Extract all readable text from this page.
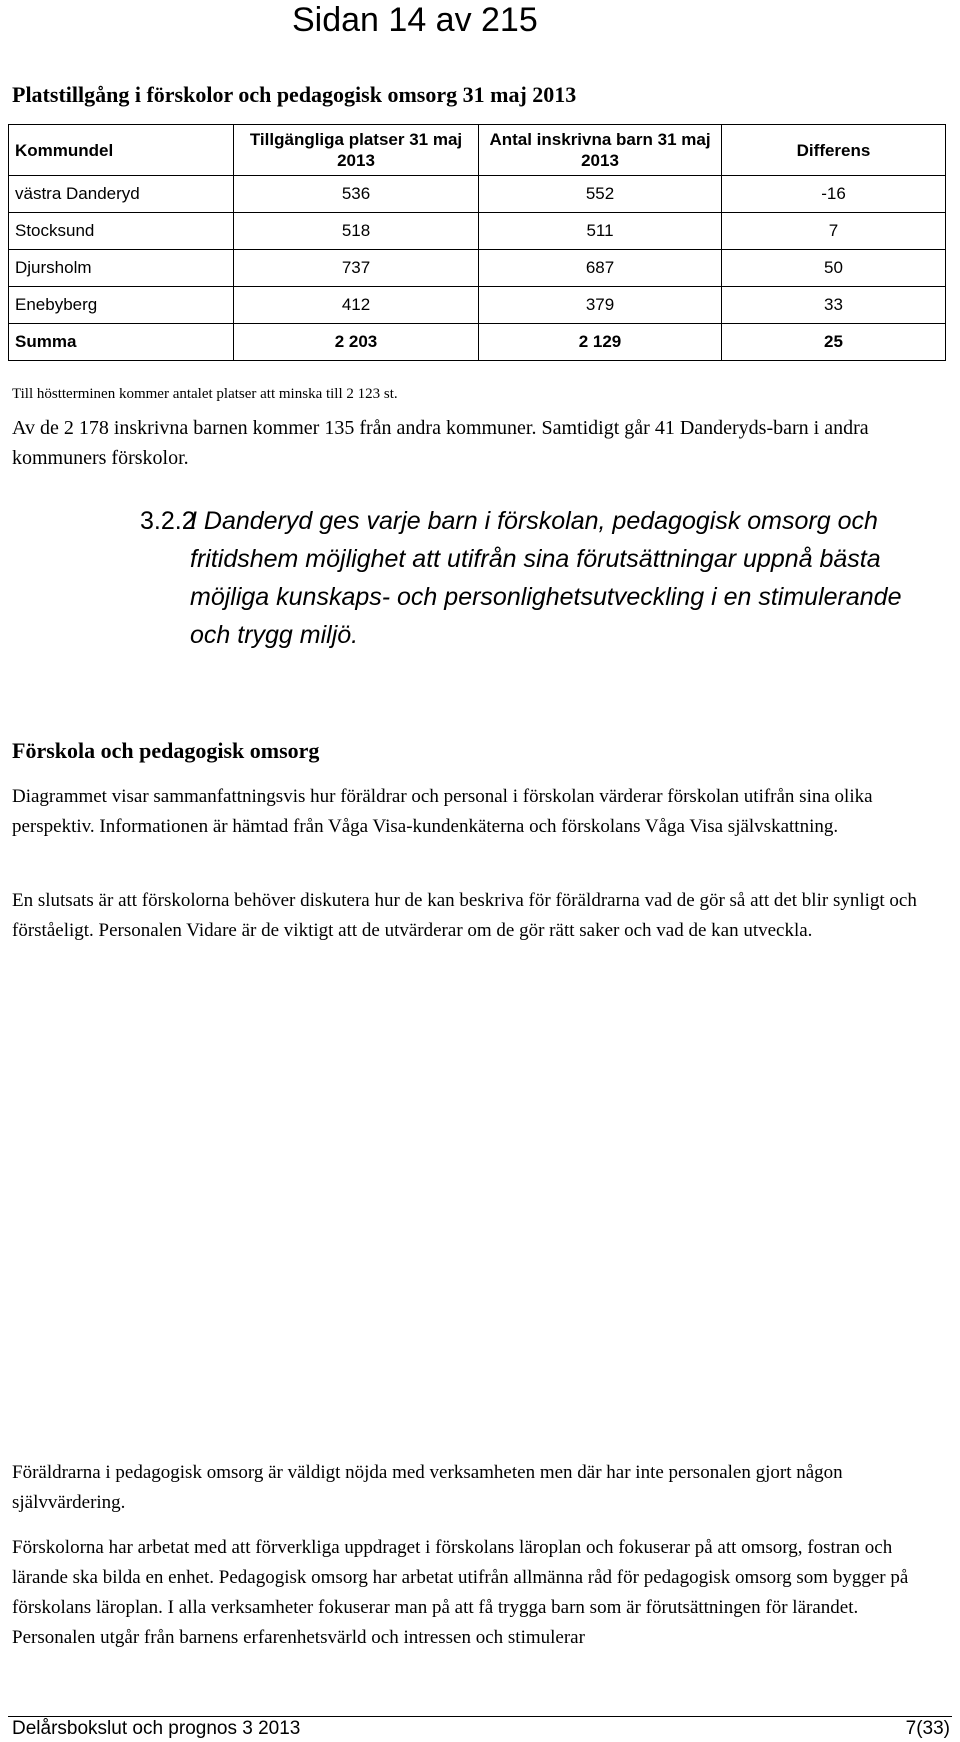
Sidan 14 av 215
Platstillgång i förskolor och pedagogisk omsorg 31 maj 2013
Kommundel	Tillgängliga platser 31 maj 2013	Antal inskrivna barn 31 maj 2013	Differens
västra Danderyd	536	552	-16
Stocksund	518	511	7
Djursholm	737	687	50
Enebyberg	412	379	33
Summa	2 203	2 129	25
Till höstterminen kommer antalet platser att minska till 2 123 st.
Av de 2 178 inskrivna barnen kommer 135 från andra kommuner. Samtidigt går 41 Danderyds-barn i andra kommuners förskolor.
3.2.2I Danderyd ges varje barn i förskolan, pedagogisk omsorg och fritidshem möjlighet att utifrån sina förutsättningar uppnå bästa möjliga kunskaps- och personlighetsutveckling i en stimulerande och trygg miljö.
Förskola och pedagogisk omsorg
Diagrammet visar sammanfattningsvis hur föräldrar och personal i förskolan värderar förskolan utifrån sina olika perspektiv. Informationen är hämtad från Våga Visa-kundenkäterna och förskolans Våga Visa självskattning.
En slutsats är att förskolorna behöver diskutera hur de kan beskriva för föräldrarna vad de gör så att det blir synligt och förståeligt. Personalen Vidare är de viktigt att de utvärderar om de gör rätt saker och vad de kan utveckla.
Föräldrarna i pedagogisk omsorg är väldigt nöjda med verksamheten men där har inte personalen gjort någon självvärdering.
Förskolorna har arbetat med att förverkliga uppdraget i förskolans läroplan och fokuserar på att omsorg, fostran och lärande ska bilda en enhet. Pedagogisk omsorg har arbetat utifrån allmänna råd för pedagogisk omsorg som bygger på förskolans läroplan. I alla verksamheter fokuserar man på att få trygga barn som är förutsättningen för lärandet. Personalen utgår från barnens erfarenhetsvärld och intressen och stimulerar
Delårsbokslut och prognos 3 2013	7(33)
